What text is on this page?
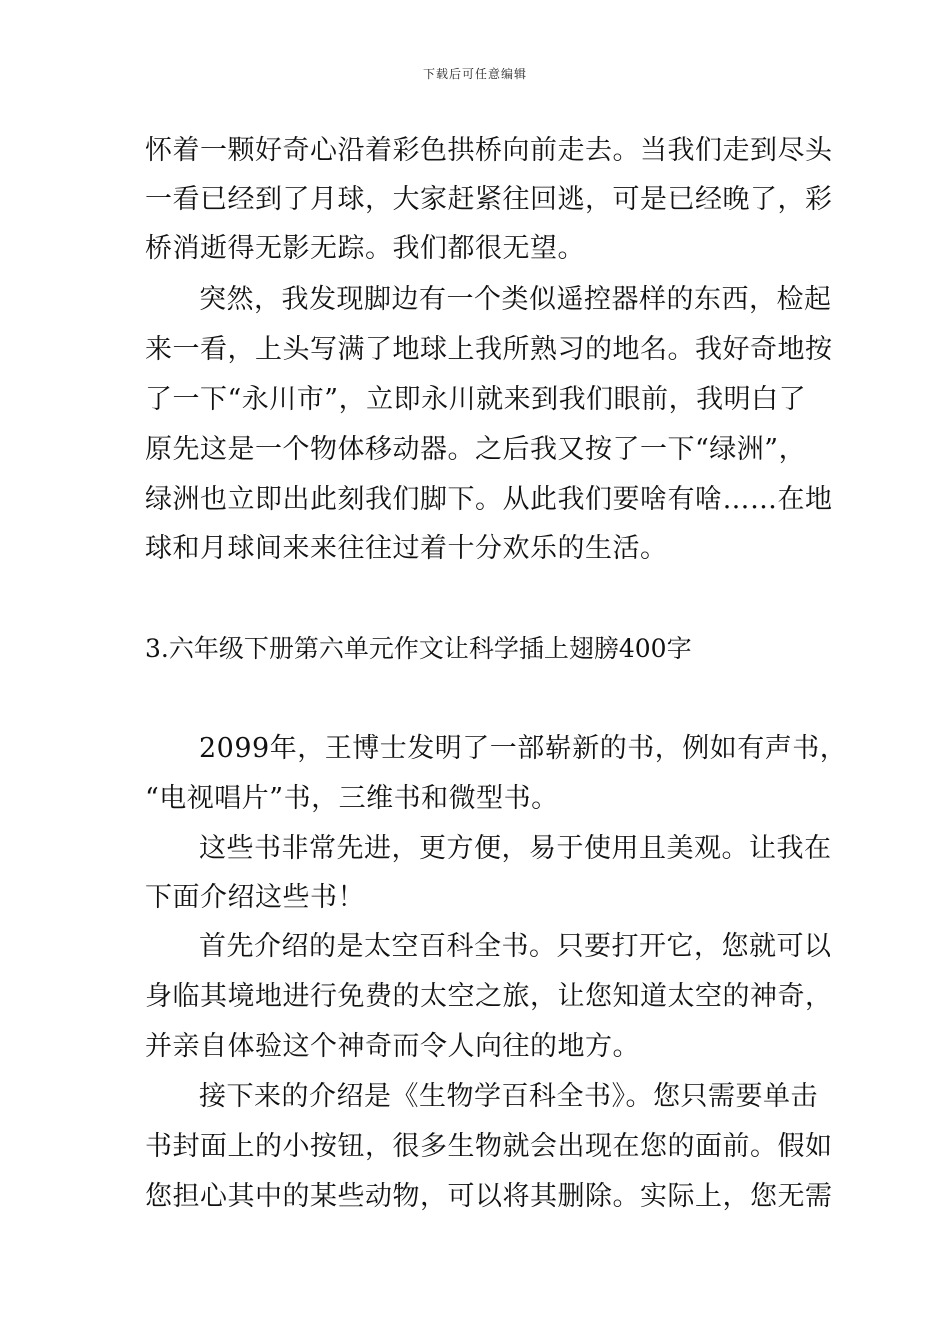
下载后可任意编辑
怀着一颗好奇心沿着彩色拱桥向前走去。当我们走到尽头
一看已经到了月球，大家赶紧往回逃，可是已经晚了，彩
桥消逝得无影无踪。我们都很无望。
突然，我发现脚边有一个类似遥控器样的东西，检起
来一看，上头写满了地球上我所熟习的地名。我好奇地按
了一下“永川市”，立即永川就来到我们眼前，我明白了
原先这是一个物体移动器。之后我又按了一下“绿洲”，
绿洲也立即出此刻我们脚下。从此我们要啥有啥……在地
球和月球间来来往往过着十分欢乐的生活。
3.六年级下册第六单元作文让科学插上翅膀400字
2099年，王博士发明了一部崭新的书，例如有声书，
“电视唱片”书，三维书和微型书。
这些书非常先进，更方便，易于使用且美观。让我在
下面介绍这些书！
首先介绍的是太空百科全书。只要打开它，您就可以
身临其境地进行免费的太空之旅，让您知道太空的神奇，
并亲自体验这个神奇而令人向往的地方。
接下来的介绍是《生物学百科全书》。您只需要单击
书封面上的小按钮，很多生物就会出现在您的面前。假如
您担心其中的某些动物，可以将其删除。实际上，您无需
